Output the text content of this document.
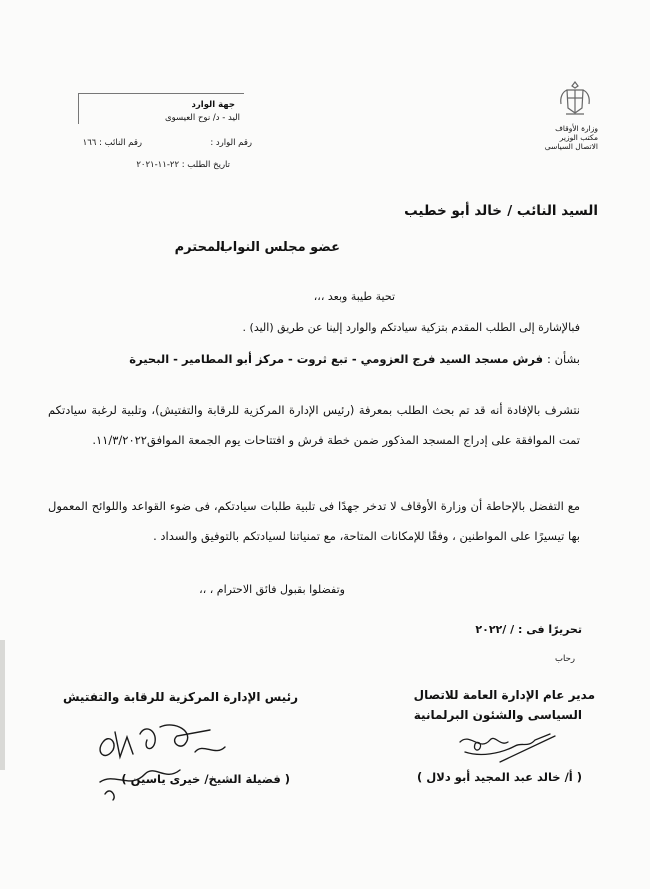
وزارة الأوقاف
مكتب الوزير
الاتصال السياسى
جهة الوارد
اليد - د/ نوح العيسوى
رقم الوارد :
رقم النائب : ١٦٦
تاريخ الطلب : ٢٢-١١-٢٠٢١
السيد النائب /
خالد أبو خطيب
عضو مجلس النواب
المحترم
تحية طيبة وبعد ،،،
فبالإشارة إلى الطلب المقدم بتزكية سيادتكم والوارد إلينا عن طريق (اليد) .
بشأن : فرش مسجد السيد فرج العزومي - تبع ثروت - مركز أبو المطامير - البحيرة
نتشرف بالإفادة أنه قد تم بحث الطلب بمعرفة (رئيس الإدارة المركزية للرقابة والتفتيش)، وتلبية لرغبة سيادتكم تمت الموافقة على إدراج المسجد المذكور ضمن خطة فرش و افتتاحات يوم الجمعة الموافق١١/٣/٢٠٢٢.
مع التفضل بالإحاطة أن وزارة الأوقاف لا تدخر جهدًا فى تلبية طلبات سيادتكم، فى ضوء القواعد واللوائح المعمول بها تيسيرًا على المواطنين ، وفقًا للإمكانات المتاحة، مع تمنياتنا لسيادتكم بالتوفيق والسداد .
وتفضلوا بقبول فائق الاحترام ، ،،
تحريرًا فى : / /٢٠٢٢
رحاب
مدير عام الإدارة العامة للاتصال
السياسى والشئون البرلمانية
( أ/ خالد عبد المجيد أبو دلال )
رئيس الإدارة المركزية للرقابة والتفتيش
( فضيلة الشيخ/ خيرى ياسين )
